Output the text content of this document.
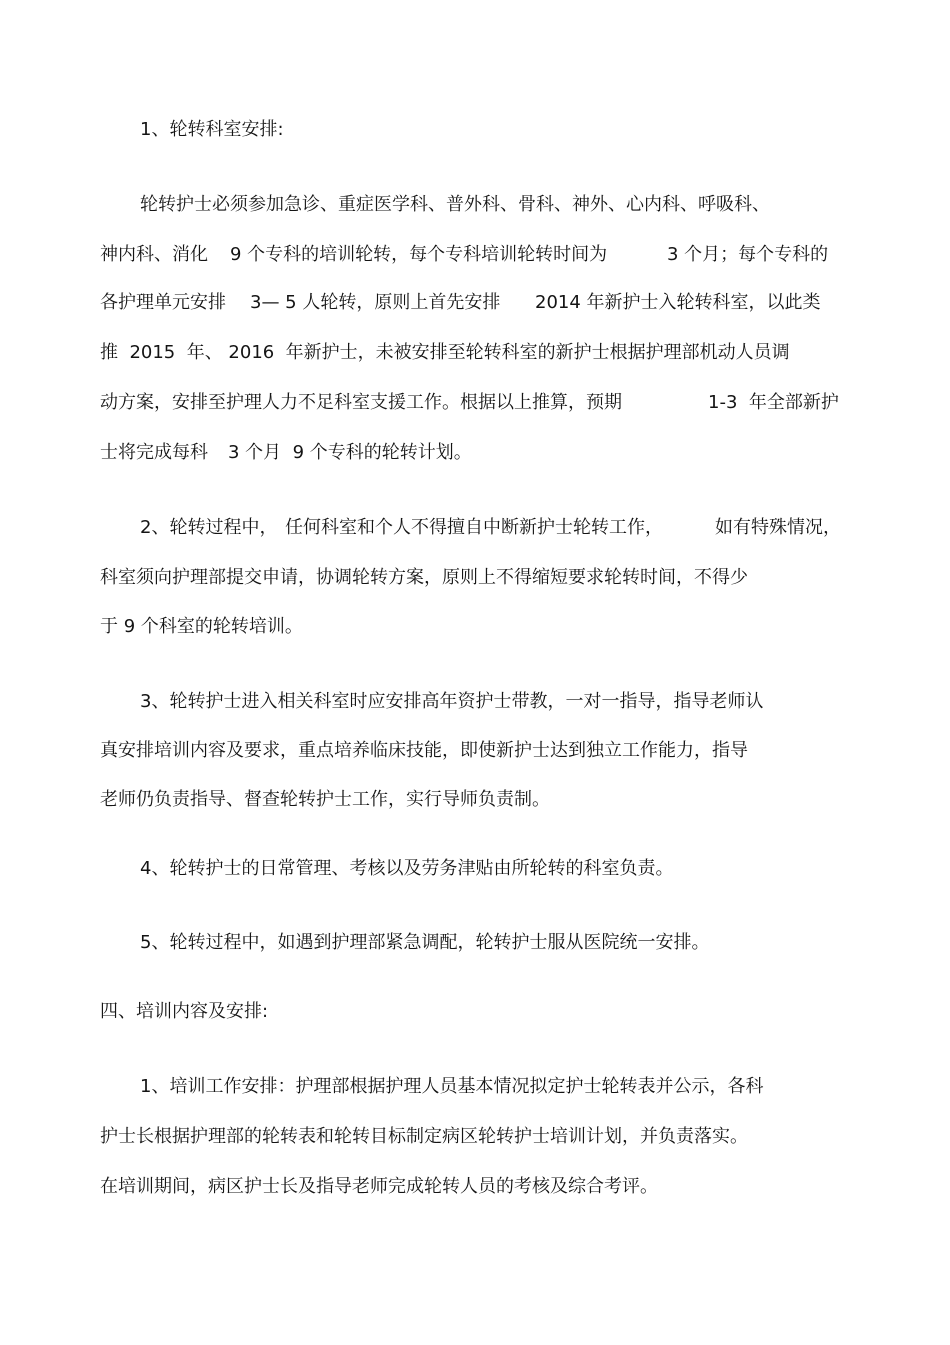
1、轮转科室安排:
轮转护士必须参加急诊、重症医学科、普外科、骨科、神外、心内科、呼吸科、
神内科、消化 9 个专科的培训轮转，每个专科培训轮转时间为	3 个月；每个专科的
各护理单元安排 3— 5 人轮转，原则上首先安排 2014 年新护士入轮转科室，以此类
推  2015  年、 2016  年新护士，未被安排至轮转科室的新护士根据护理部机动人员调
动方案，安排至护理人力不足科室支援工作。根据以上推算，预期	1-3  年全部新护
士将完成每科 3 个月  9 个专科的轮转计划。
2、轮转过程中， 任何科室和个人不得擅自中断新护士轮转工作，	如有特殊情况，
科室须向护理部提交申请，协调轮转方案，原则上不得缩短要求轮转时间，不得少
于 9 个科室的轮转培训。
3、轮转护士进入相关科室时应安排高年资护士带教，一对一指导，指导老师认
真安排培训内容及要求，重点培养临床技能，即使新护士达到独立工作能力，指导
老师仍负责指导、督查轮转护士工作，实行导师负责制。
4、轮转护士的日常管理、考核以及劳务津贴由所轮转的科室负责。
5、轮转过程中，如遇到护理部紧急调配，轮转护士服从医院统一安排。
四、培训内容及安排:
1、培训工作安排：护理部根据护理人员基本情况拟定护士轮转表并公示，各科
护士长根据护理部的轮转表和轮转目标制定病区轮转护士培训计划，并负责落实。
在培训期间，病区护士长及指导老师完成轮转人员的考核及综合考评。
